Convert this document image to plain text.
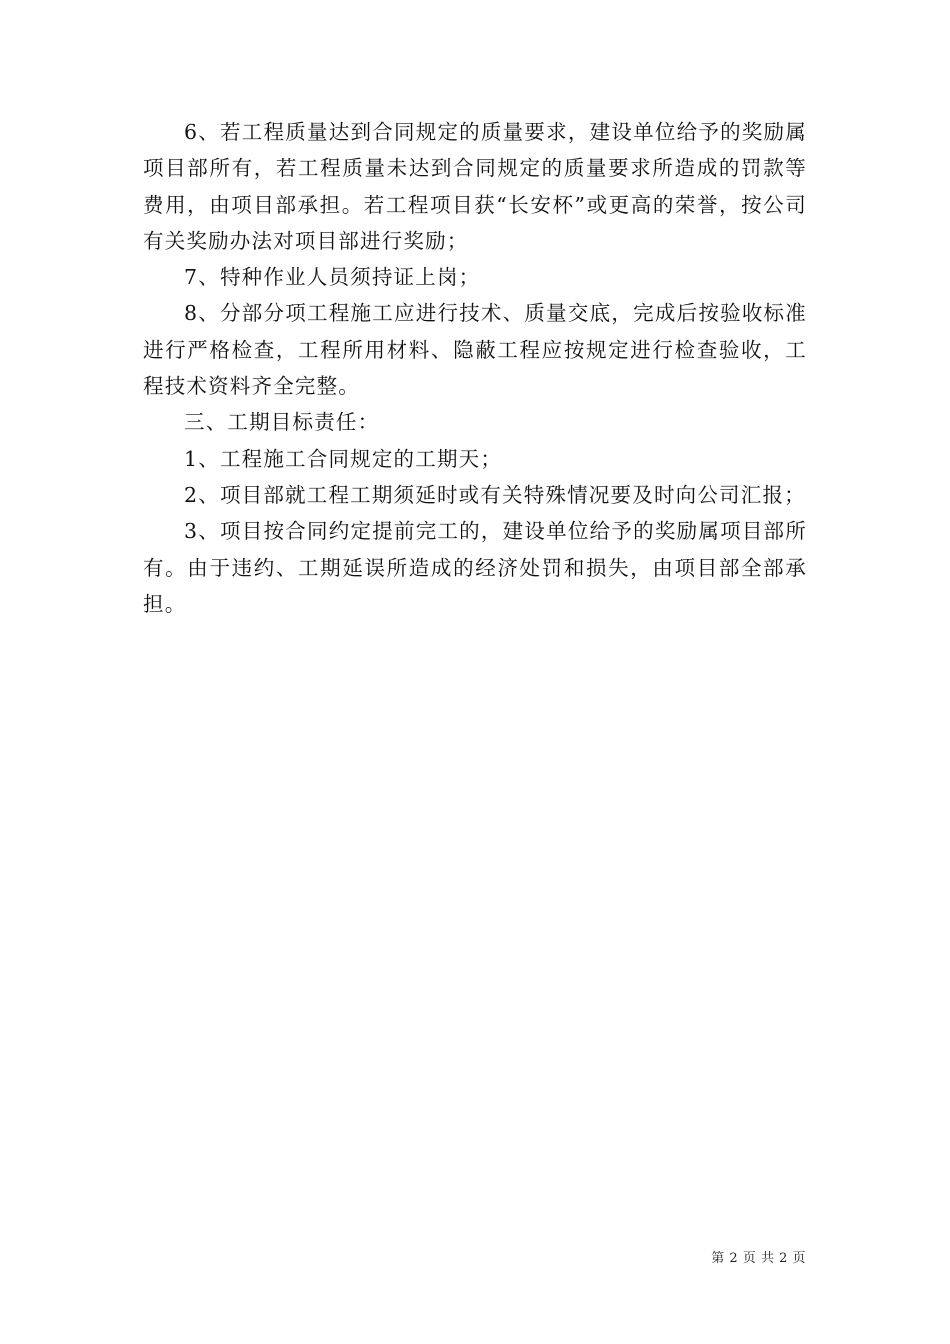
6、若工程质量达到合同规定的质量要求，建设单位给予的奖励属项目部所有，若工程质量未达到合同规定的质量要求所造成的罚款等费用，由项目部承担。若工程项目获“长安杯”或更高的荣誉，按公司有关奖励办法对项目部进行奖励；

7、特种作业人员须持证上岗；

8、分部分项工程施工应进行技术、质量交底，完成后按验收标准进行严格检查，工程所用材料、隐蔽工程应按规定进行检查验收，工程技术资料齐全完整。

三、工期目标责任：

1、工程施工合同规定的工期天；

2、项目部就工程工期须延时或有关特殊情况要及时向公司汇报；

3、项目按合同约定提前完工的，建设单位给予的奖励属项目部所有。由于违约、工期延误所造成的经济处罚和损失，由项目部全部承担。

第 2 页 共 2 页
